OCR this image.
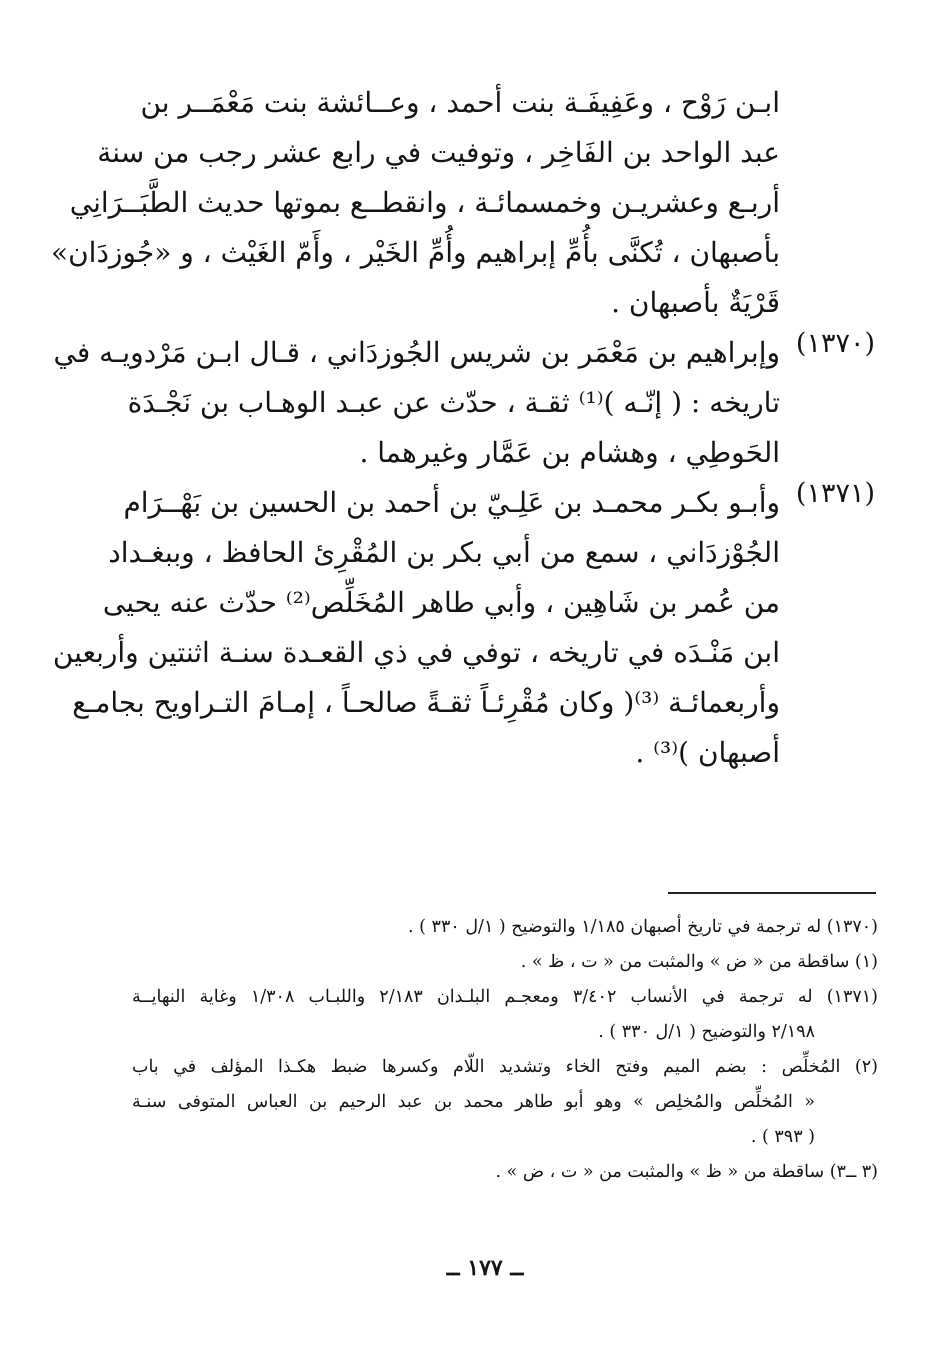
ابـن رَوْح ، وعَفِيفَـة بنت أحمد ، وعــائشة بنت مَعْمَــر بن
عبد الواحد بن الفَاخِر ، وتوفيت في رابع عشر رجب من سنة
أربـع وعشريـن وخمسمائـة ، وانقطــع بموتها حديث الطَّبَــرَانِي
بأصبهان ، تُكنَّى بأُمِّ إبراهيم وأُمِّ الخَيْر ، وأَمّ الغَيْث ، و «جُوزدَان»
قَرْيَةٌ بأصبهان .
وإبراهيم بن مَعْمَر بن شريس الجُوزدَاني ، قـال ابـن مَرْدويـه في
تاريخه : ( إنّـه )⁽¹⁾ ثقـة ، حدّث عن عبـد الوهـاب بن نَجْـدَة
الحَوطِي ، وهشام بن عَمَّار وغيرهما .
وأبـو بكـر محمـد بن عَلِـيّ بن أحمد بن الحسين بن بَهْــرَام
الجُوْزدَاني ، سمع من أبي بكر بن المُقْرِئ الحافظ ، وببغـداد
من عُمر بن شَاهِين ، وأبي طاهر المُخَلِّص⁽²⁾ حدّث عنه يحيى
ابن مَنْـدَه في تاريخه ، توفي في ذي القعـدة سنـة اثنتين وأربعين
وأربعمائـة ⁽³⁾( وكان مُقْرِئـاً ثقـةً صالحـاً ، إمـامَ التـراويح بجامـع
أصبهان )⁽³⁾ .
(١٣٧٠)
(١٣٧١)
(١٣٧٠) له ترجمة في تاريخ أصبهان ١/١٨٥ والتوضيح ( ١/ل ٣٣٠ ) .
(١) ساقطة من « ض » والمثبت من « ت ، ظ » .
(١٣٧١) له ترجمة في الأنساب ٣/٤٠٢ ومعجـم البلـدان ٢/١٨٣ واللبـاب ١/٣٠٨ وغاية النهايــة
٢/١٩٨ والتوضيح ( ١/ل ٣٣٠ ) .
(٢) المُخلِّص : بضم الميم وفتح الخاء وتشديد اللّام وكسرها ضبط هكـذا المؤلف في باب
« المُخلِّص والمُخلِص » وهو أبو طاهر محمد بن عبد الرحيم بن العباس المتوفى سنـة
( ٣٩٣ ) .
(٣ ــ٣) ساقطة من « ظ » والمثبت من « ت ، ض » .
ــ ١٧٧ ــ
